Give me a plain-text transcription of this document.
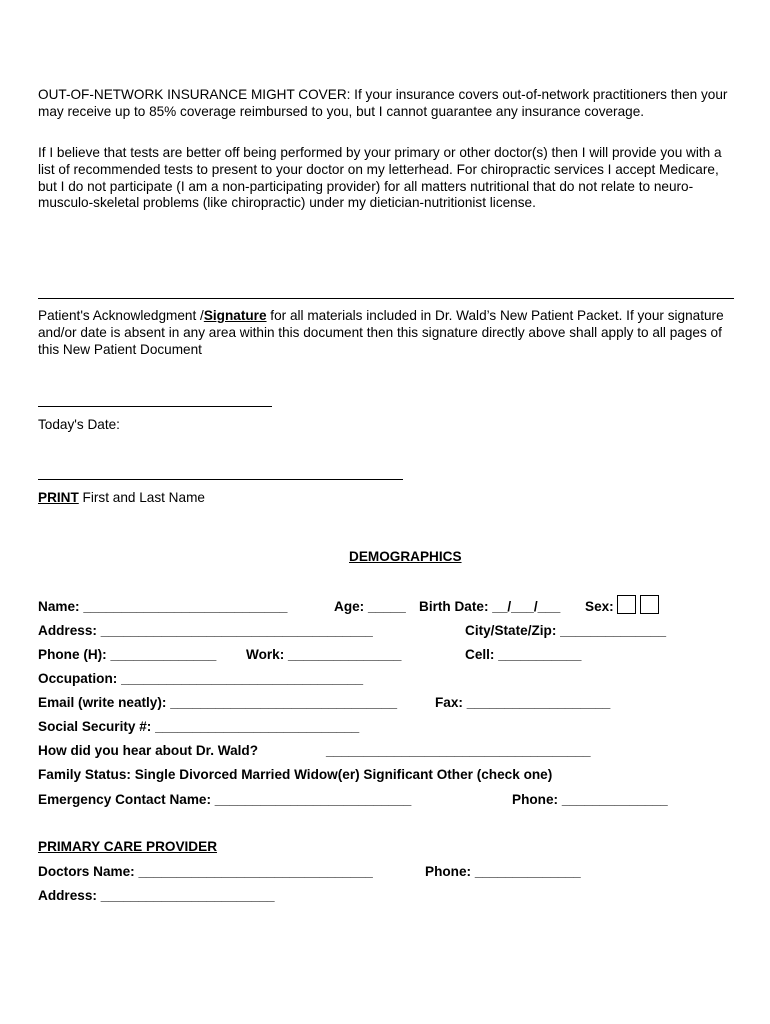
OUT-OF-NETWORK INSURANCE MIGHT COVER: If your insurance covers out-of-network practitioners then your may receive up to 85% coverage reimbursed to you, but I cannot guarantee any insurance coverage.

If I believe that tests are better off being performed by your primary or other doctor(s) then I will provide you with a list of recommended tests to present to your doctor on my letterhead. For chiropractic services I accept Medicare, but I do not participate (I am a non-participating provider) for all matters nutritional that do not relate to neuro-musculo-skeletal problems (like chiropractic) under my dietician-nutritionist license.

Patient's Acknowledgment /Signature for all materials included in Dr. Wald’s New Patient Packet. If your signature and/or date is absent in any area within this document then this signature directly above shall apply to all pages of this New Patient Document

Today's Date:
PRINT First and Last Name
DEMOGRAPHICS
Name: ___________________________	Age: _____ Birth Date: __/___/___ Sex:
Address: ____________________________________	City/State/Zip: ______________
Phone (H): ______________ Work: _______________	Cell: ___________
Occupation: ________________________________
Email (write neatly): ______________________________	Fax: ___________________
Social Security #: ___________________________
How did you hear about Dr. Wald?	___________________________________
Family Status: Single Divorced Married Widow(er) Significant Other (check one)
Emergency Contact Name: __________________________	Phone: ______________
PRIMARY CARE PROVIDER
Doctors Name: _______________________________	Phone: ______________
Address: _______________________
